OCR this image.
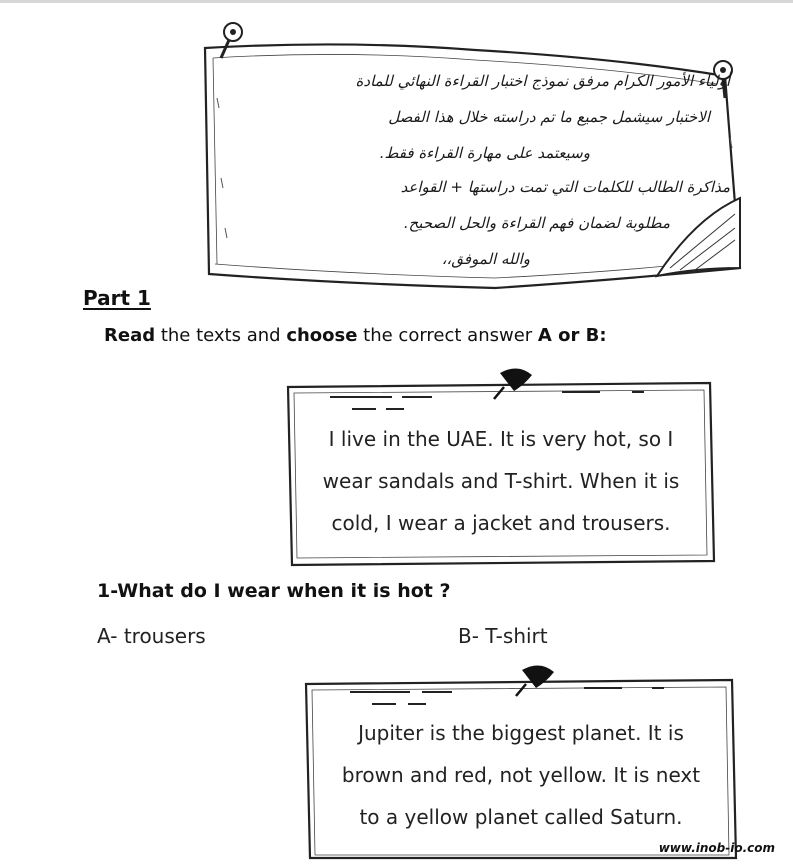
أولياء الأمور الكرام مرفق نموذج اختبار القراءة النهائي للمادة
الاختبار سيشمل جميع ما تم دراسته خلال هذا الفصل
وسيعتمد على مهارة القراءة فقط.
مذاكرة الطالب للكلمات التي تمت دراستها + القواعد
مطلوبة لضمان فهم القراءة والحل الصحيح.
والله الموفق،،
Part 1
Read the texts and choose the correct answer A or B:
I live in the UAE. It is very hot, so I
wear sandals and T-shirt. When it is
cold, I wear a jacket and trousers.
1-What do I wear when it is hot ?
A- trousers	B- T-shirt
Jupiter is the biggest planet. It is
brown and red, not yellow. It is next
to a yellow planet called Saturn.
www.inob-io.com
